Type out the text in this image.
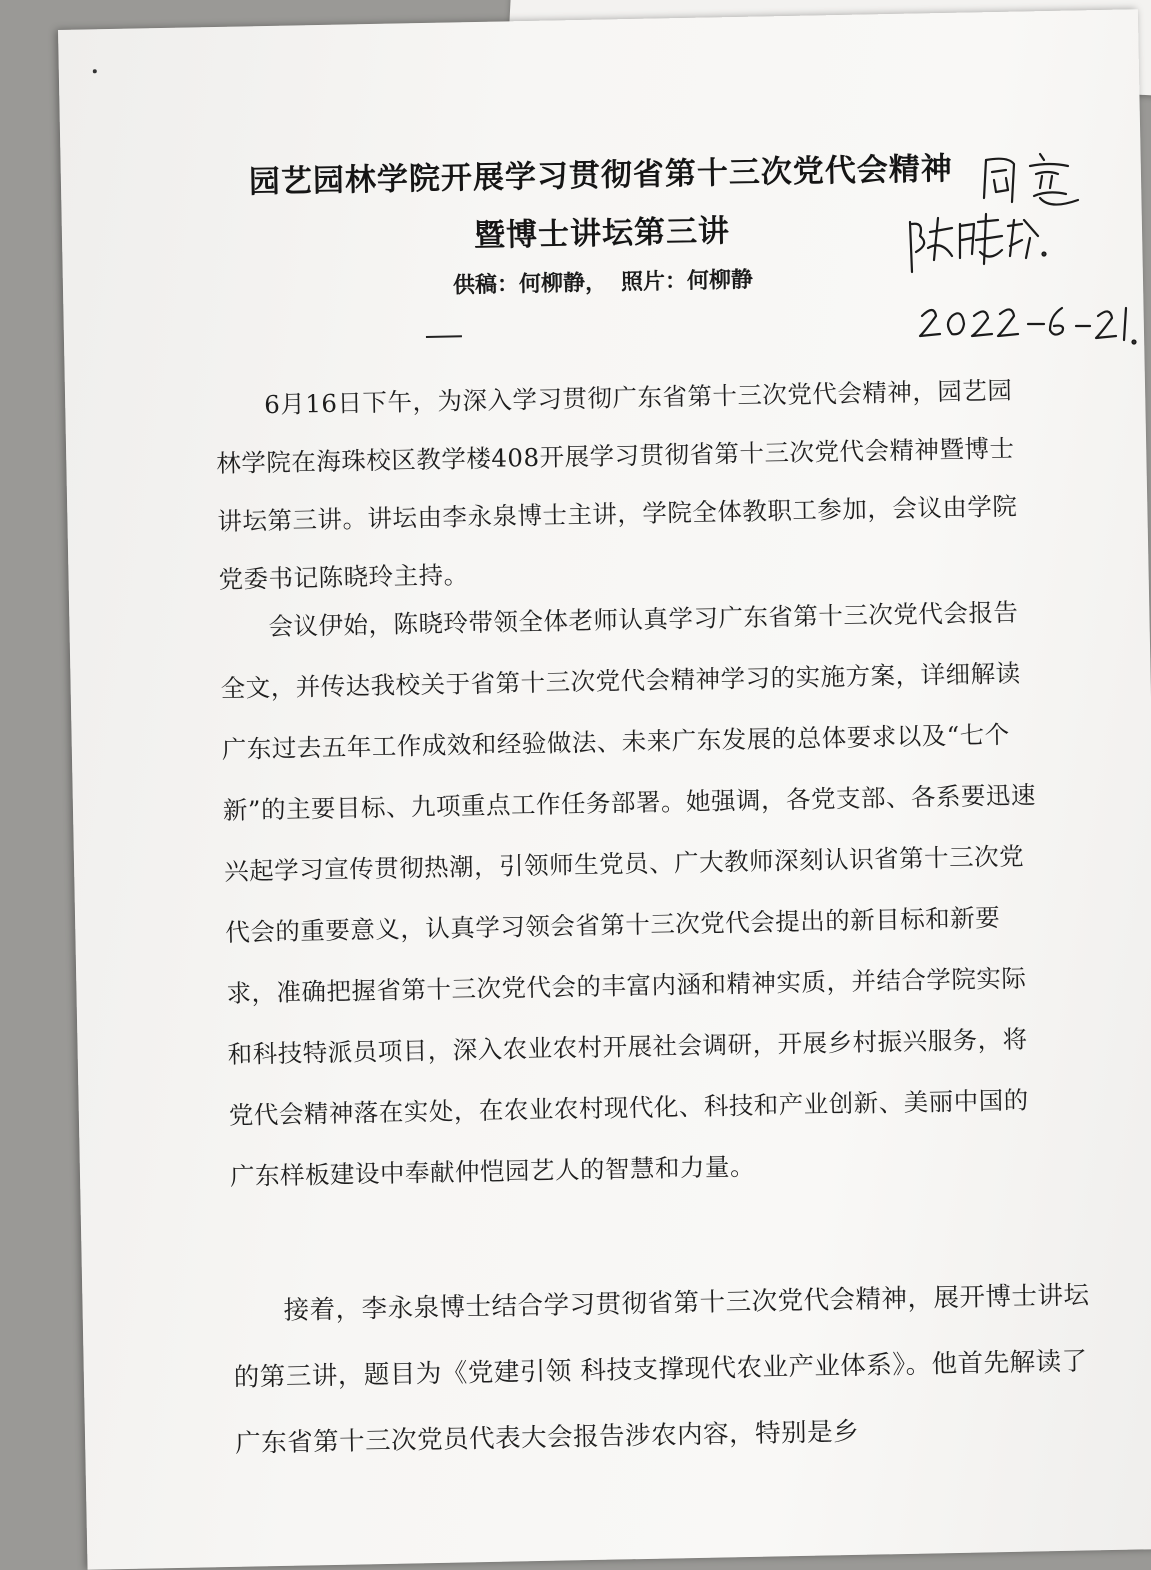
园艺园林学院开展学习贯彻省第十三次党代会精神
暨博士讲坛第三讲
供稿：何柳静， 照片：何柳静
6月16日下午，为深入学习贯彻广东省第十三次党代会精神，园艺园林学院在海珠校区教学楼408开展学习贯彻省第十三次党代会精神暨博士讲坛第三讲。讲坛由李永泉博士主讲，学院全体教职工参加，会议由学院党委书记陈晓玲主持。
会议伊始，陈晓玲带领全体老师认真学习广东省第十三次党代会报告全文，并传达我校关于省第十三次党代会精神学习的实施方案，详细解读广东过去五年工作成效和经验做法、未来广东发展的总体要求以及“七个新”的主要目标、九项重点工作任务部署。她强调，各党支部、各系要迅速兴起学习宣传贯彻热潮，引领师生党员、广大教师深刻认识省第十三次党代会的重要意义，认真学习领会省第十三次党代会提出的新目标和新要求，准确把握省第十三次党代会的丰富内涵和精神实质，并结合学院实际和科技特派员项目，深入农业农村开展社会调研，开展乡村振兴服务，将党代会精神落在实处，在农业农村现代化、科技和产业创新、美丽中国的广东样板建设中奉献仲恺园艺人的智慧和力量。
接着，李永泉博士结合学习贯彻省第十三次党代会精神，展开博士讲坛的第三讲，题目为《党建引领 科技支撑现代农业产业体系》。他首先解读了广东省第十三次党员代表大会报告涉农内容，特别是乡
